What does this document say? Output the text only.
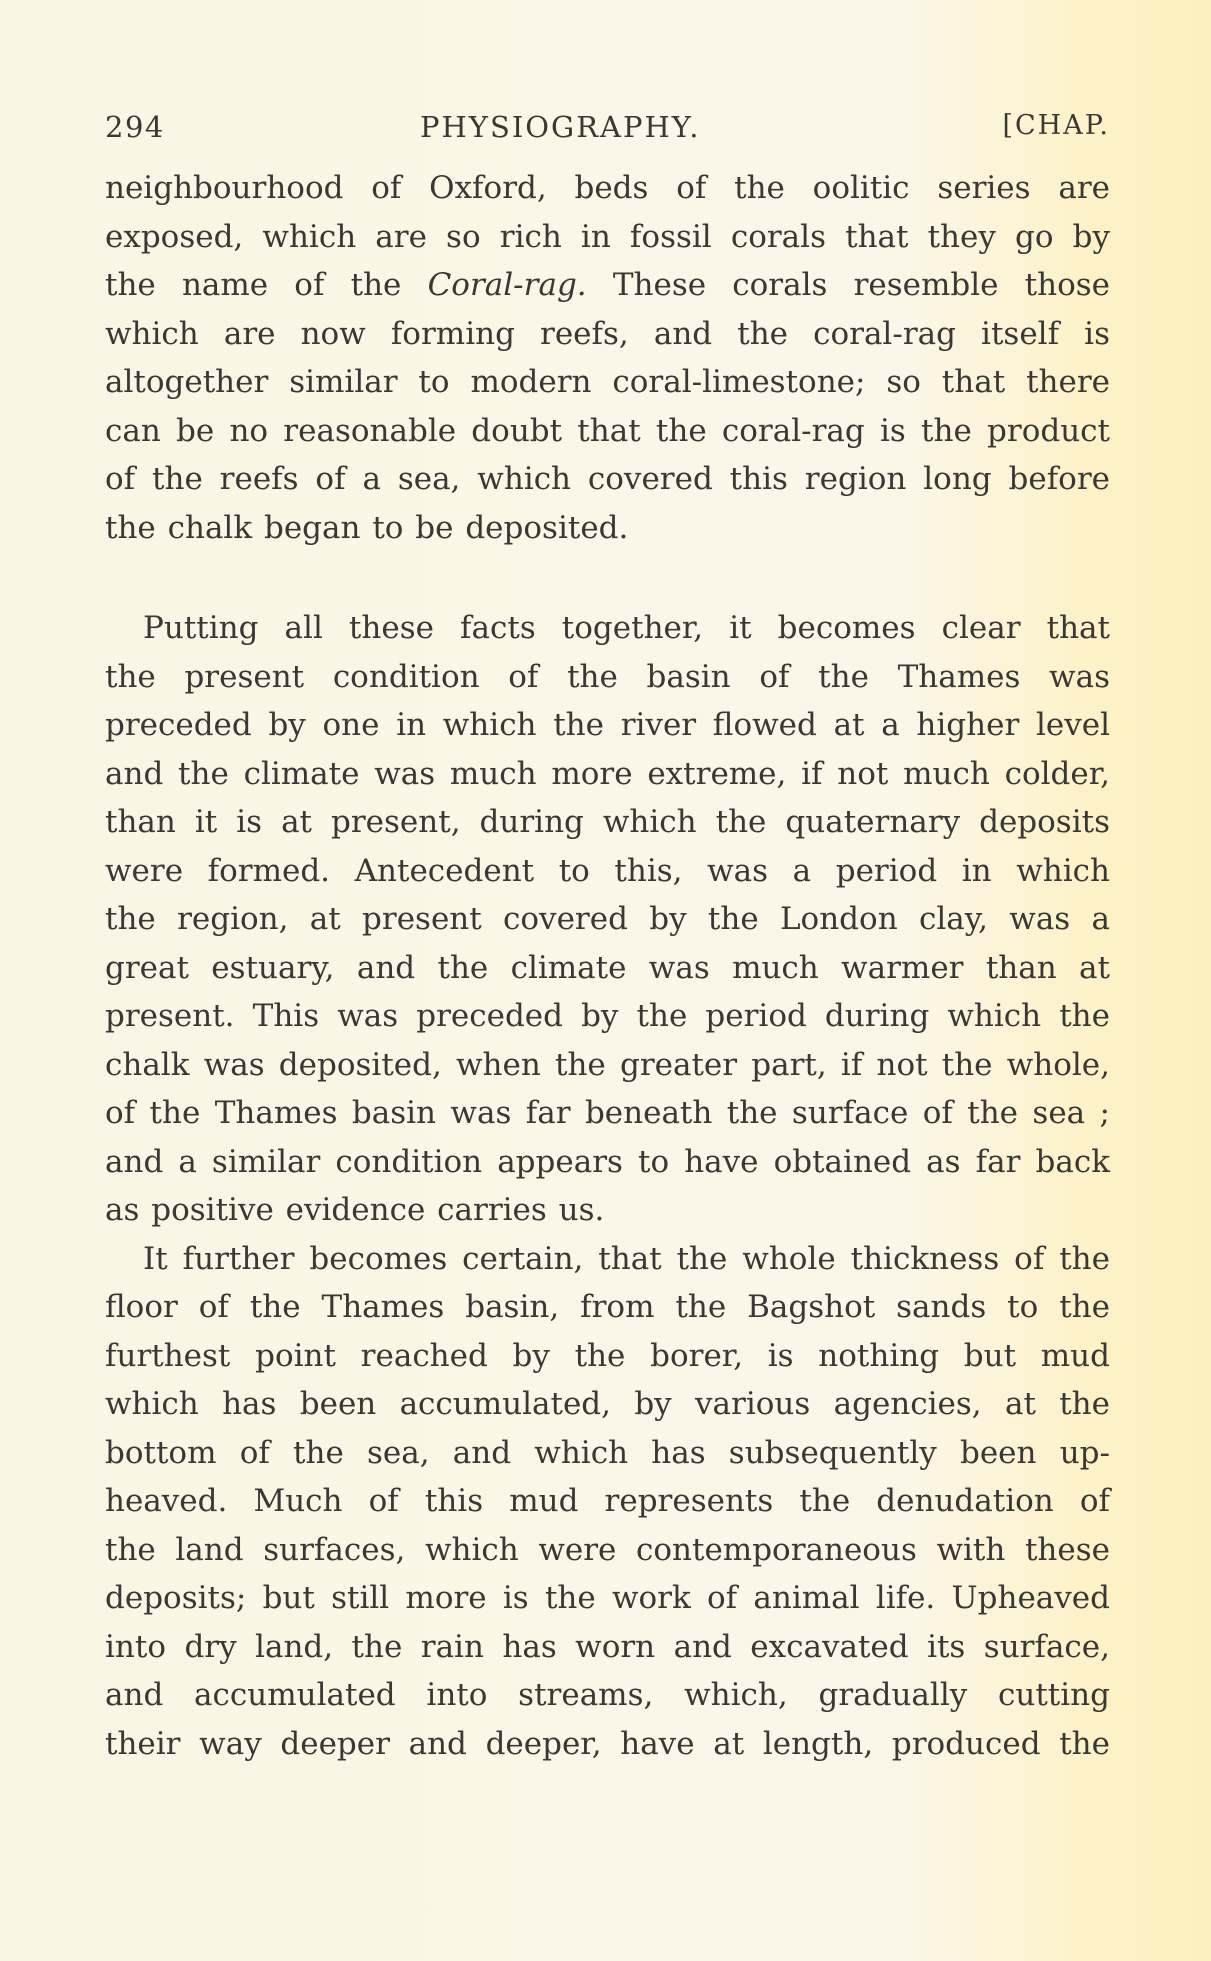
294	PHYSIOGRAPHY.	[CHAP.
neighbourhood of Oxford, beds of the oolitic series are
exposed, which are so rich in fossil corals that they go by
the name of the Coral-rag. These corals resemble those
which are now forming reefs, and the coral-rag itself is
altogether similar to modern coral-limestone; so that there
can be no reasonable doubt that the coral-rag is the product
of the reefs of a sea, which covered this region long before
the chalk began to be deposited.
Putting all these facts together, it becomes clear that
the present condition of the basin of the Thames was
preceded by one in which the river flowed at a higher level
and the climate was much more extreme, if not much colder,
than it is at present, during which the quaternary deposits
were formed. Antecedent to this, was a period in which
the region, at present covered by the London clay, was a
great estuary, and the climate was much warmer than at
present. This was preceded by the period during which the
chalk was deposited, when the greater part, if not the whole,
of the Thames basin was far beneath the surface of the sea ;
and a similar condition appears to have obtained as far back
as positive evidence carries us.
It further becomes certain, that the whole thickness of the
floor of the Thames basin, from the Bagshot sands to the
furthest point reached by the borer, is nothing but mud
which has been accumulated, by various agencies, at the
bottom of the sea, and which has subsequently been up-
heaved. Much of this mud represents the denudation of
the land surfaces, which were contemporaneous with these
deposits; but still more is the work of animal life. Upheaved
into dry land, the rain has worn and excavated its surface,
and accumulated into streams, which, gradually cutting
their way deeper and deeper, have at length, produced the
